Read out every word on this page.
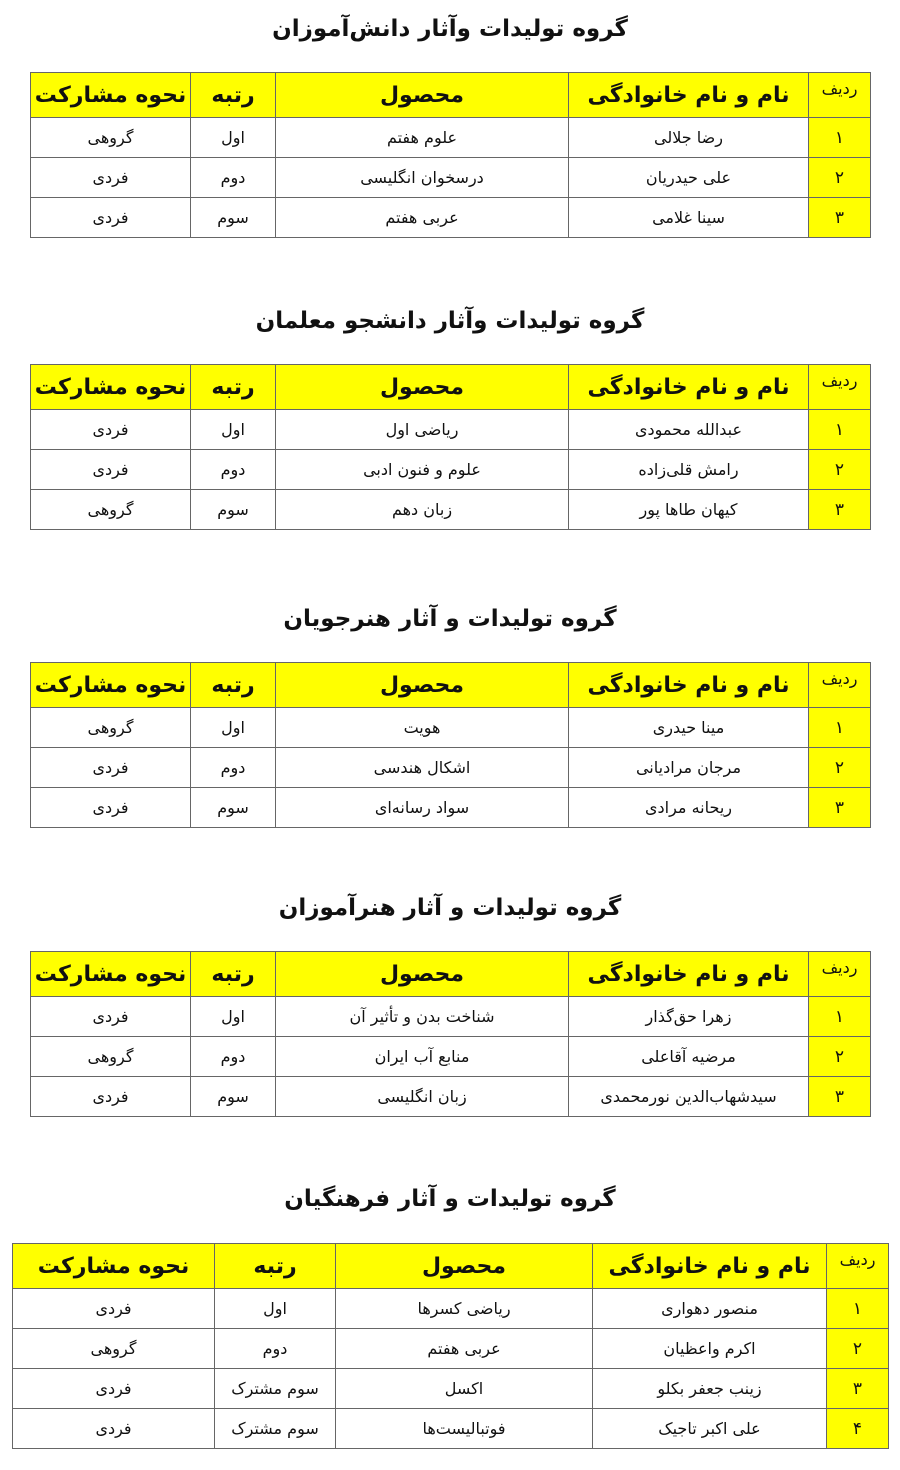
گروه تولیدات وآثار دانش‌آموزان
ردیف	نام و نام خانوادگی	محصول	رتبه	نحوه مشارکت
۱	رضا جلالی	علوم هفتم	اول	گروهی
۲	علی حیدریان	درسخوان انگلیسی	دوم	فردی
۳	سینا غلامی	عربی هفتم	سوم	فردی
گروه تولیدات وآثار دانشجو معلمان
ردیف	نام و نام خانوادگی	محصول	رتبه	نحوه مشارکت
۱	عبدالله محمودی	ریاضی اول	اول	فردی
۲	رامش قلی‌زاده	علوم و فنون ادبی	دوم	فردی
۳	کیهان طاها پور	زبان دهم	سوم	گروهی
گروه تولیدات و آثار هنرجویان
ردیف	نام و نام خانوادگی	محصول	رتبه	نحوه مشارکت
۱	مینا حیدری	هویت	اول	گروهی
۲	مرجان مرادیانی	اشکال هندسی	دوم	فردی
۳	ریحانه مرادی	سواد رسانه‌ای	سوم	فردی
گروه تولیدات و آثار هنرآموزان
ردیف	نام و نام خانوادگی	محصول	رتبه	نحوه مشارکت
۱	زهرا حق‌گذار	شناخت بدن و تأثیر آن	اول	فردی
۲	مرضیه آقاعلی	منابع آب ایران	دوم	گروهی
۳	سیدشهاب‌الدین نورمحمدی	زبان انگلیسی	سوم	فردی
گروه تولیدات و آثار فرهنگیان
ردیف	نام و نام خانوادگی	محصول	رتبه	نحوه مشارکت
۱	منصور دهواری	ریاضی کسرها	اول	فردی
۲	اکرم واعظیان	عربی هفتم	دوم	گروهی
۳	زینب جعفر بکلو	اکسل	سوم مشترک	فردی
۴	علی اکبر تاجیک	فوتبالیست‌ها	سوم مشترک	فردی
